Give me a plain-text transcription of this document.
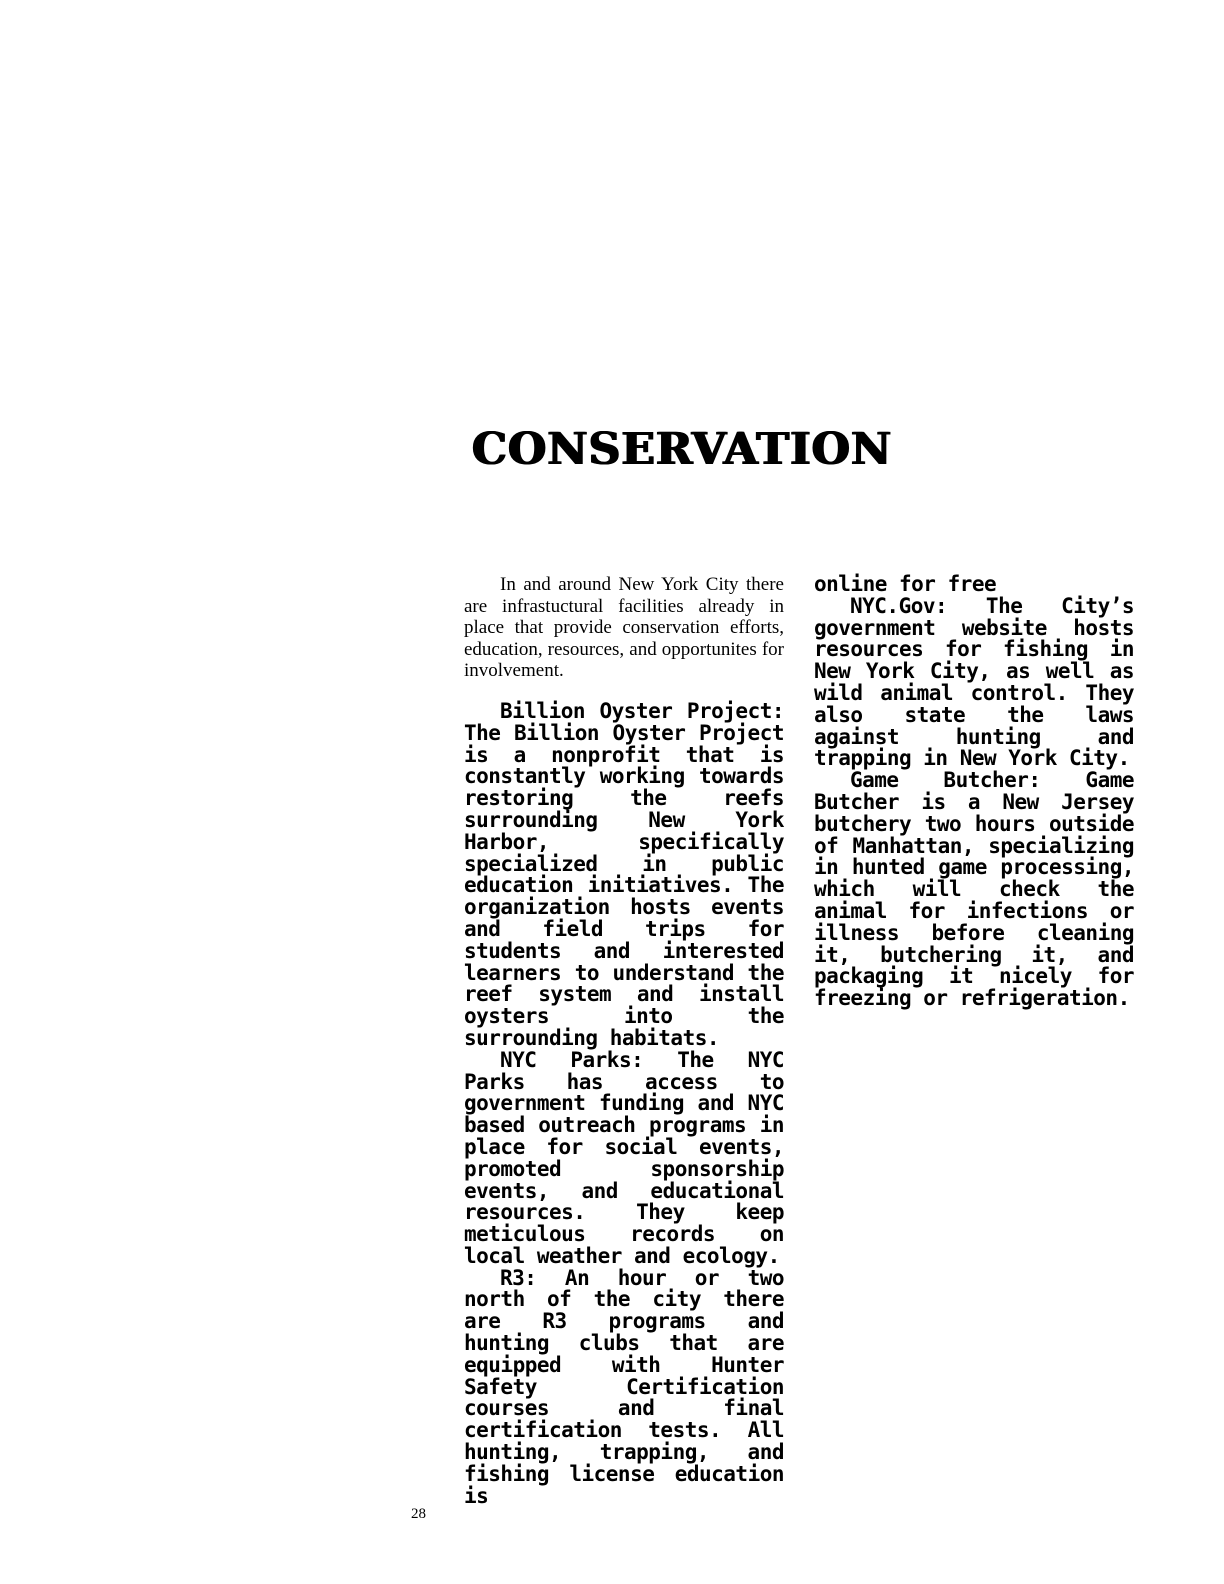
CONSERVATION

In and around New York City there are infrastuctural facilities already in place that provide conservation efforts, education, resources, and opportunites for involvement.

Billion Oyster Project: The Billion Oyster Project is a nonprofit that is constantly working towards restoring the reefs surrounding New York Harbor, specifically specialized in public education initiatives. The organization hosts events and field trips for students and interested learners to understand the reef system and install oysters into the surrounding habitats.

NYC Parks: The NYC Parks has access to government funding and NYC based outreach programs in place for social events, promoted sponsorship events, and educational resources. They keep meticulous records on local weather and ecology.

R3: An hour or two north of the city there are R3 programs and hunting clubs that are equipped with Hunter Safety Certification courses and final certification tests. All hunting, trapping, and fishing license education is

online for free

NYC.Gov: The City’s government website hosts resources for fishing in New York City, as well as wild animal control. They also state the laws against hunting and trapping in New York City.

Game Butcher: Game Butcher is a New Jersey butchery two hours outside of Manhattan, specializing in hunted game processing, which will check the animal for infections or illness before cleaning it, butchering it, and packaging it nicely for freezing or refrigeration.

28
